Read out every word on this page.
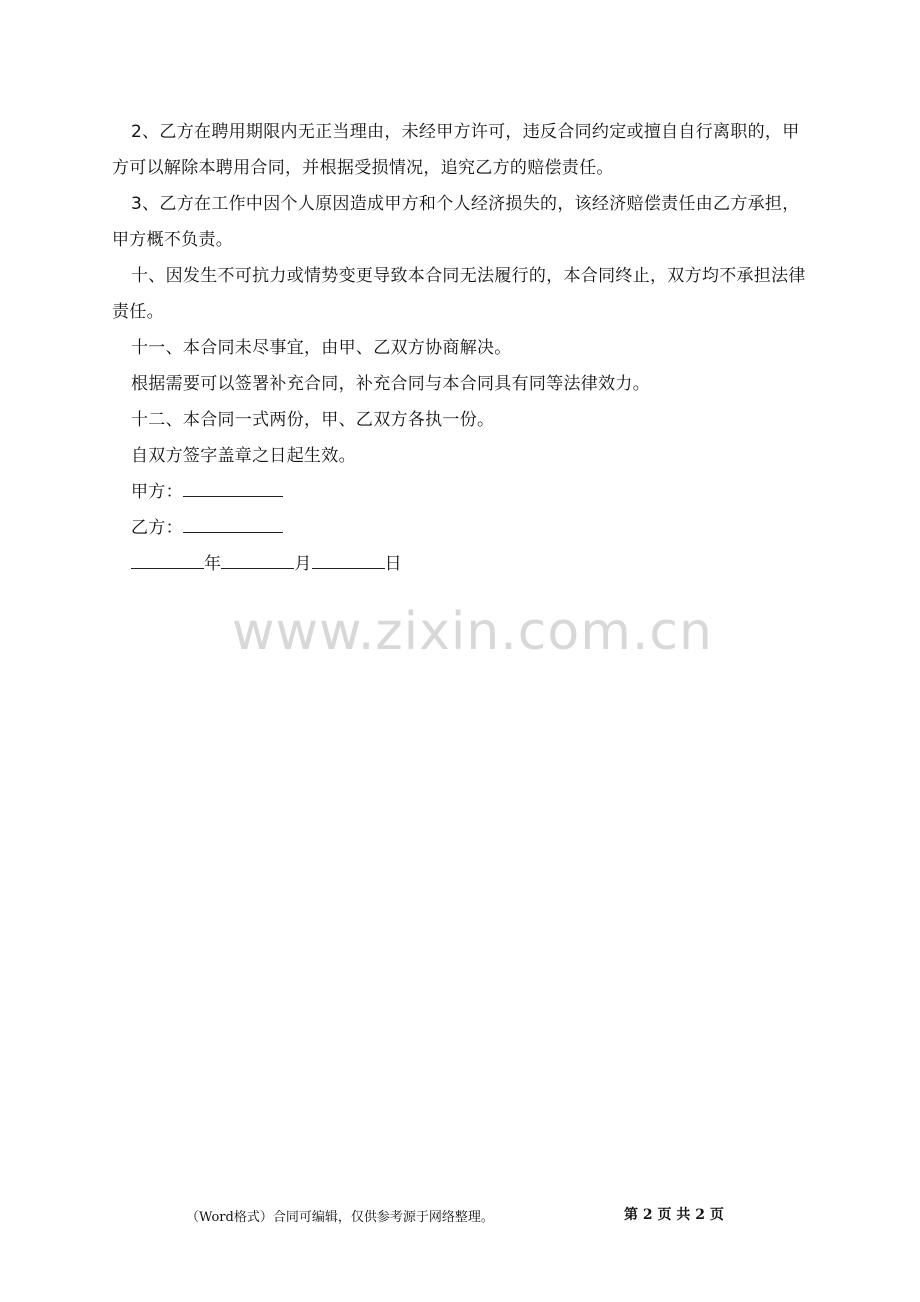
2、乙方在聘用期限内无正当理由，未经甲方许可，违反合同约定或擅自自行离职的，甲方可以解除本聘用合同，并根据受损情况，追究乙方的赔偿责任。

3、乙方在工作中因个人原因造成甲方和个人经济损失的，该经济赔偿责任由乙方承担，甲方概不负责。

十、因发生不可抗力或情势变更导致本合同无法履行的，本合同终止，双方均不承担法律责任。

十一、本合同未尽事宜，由甲、乙双方协商解决。

根据需要可以签署补充合同，补充合同与本合同具有同等法律效力。

十二、本合同一式两份，甲、乙双方各执一份。

自双方签字盖章之日起生效。

甲方：

乙方：

年	月	日

www.zixin.com.cn
（Word格式）合同可编辑，仅供参考源于网络整理。	第 2 页 共 2 页
